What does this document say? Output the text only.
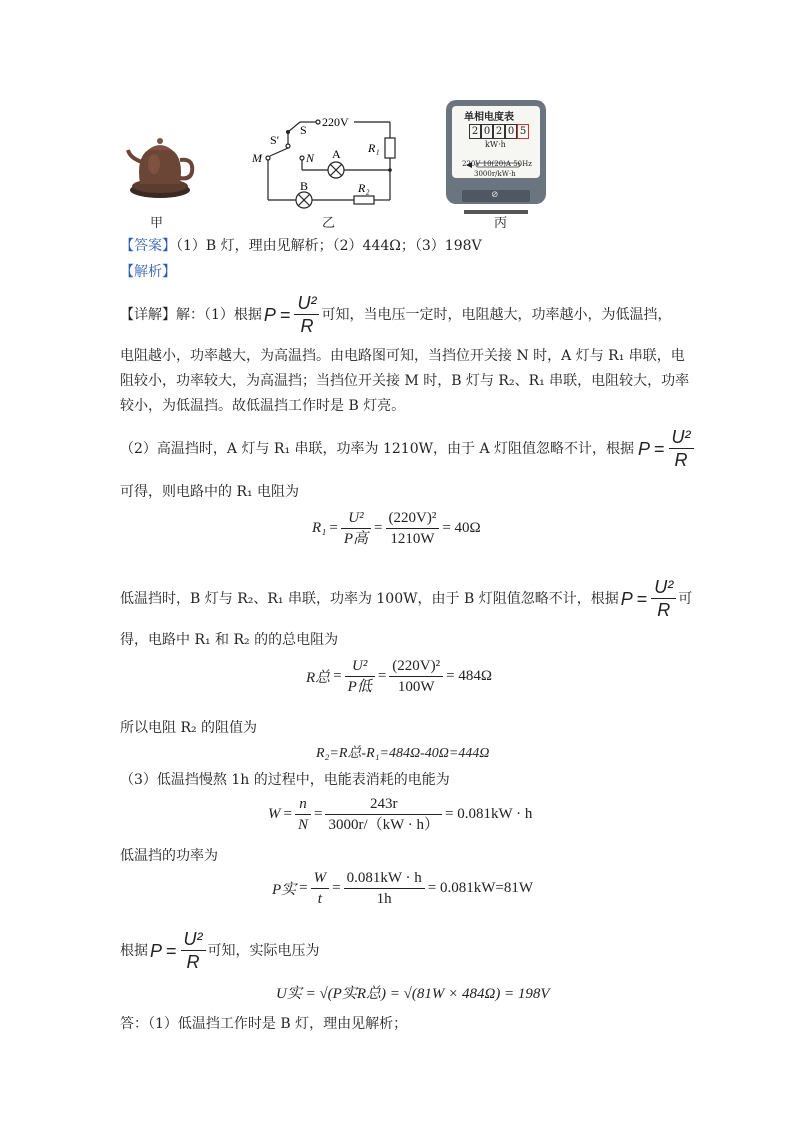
甲
S′
S
220V
M	N A
B
R₁
R₂
乙
单相电度表
2 0 2 0 5
kW·h
220V 10(20)A 50Hz
3000r/kW·h
⊘
丙
【答案】（1）B 灯，理由见解析；（2）444Ω；（3）198V
【解析】
【详解】 解：（1）根据 $P = \frac{\text{U²}}{R}$ 可知，当电压一定时，电阻越大，功率越小，为低温挡，
电阻越小，功率越大，为高温挡。由电路图可知，当挡位开关接 N 时，A 灯与 R₁ 串联，电
阻较小，功率较大，为高温挡；当挡位开关接 M 时，B 灯与 R₂、R₁ 串联，电阻较大，功率
较小，为低温挡。故低温挡工作时是 B 灯亮。
（2）高温挡时，A 灯与 R₁ 串联，功率为 1210W，由于 A 灯阻值忽略不计，根据 $P = \frac{\text{U²}}{R}$
可得，则电路中的 R₁ 电阻为
$R_1 = \frac{\text{U²}}{\text{P高}} = \frac{\text{(220V)²}}{1210W} = 40\Omega$
低温挡时，B 灯与 R₂、R₁ 串联，功率为 100W，由于 B 灯阻值忽略不计，根据 $P = \frac{\text{U²}}{R}$ 可
得，电路中 R₁ 和 R₂ 的的总电阻为
R总 = $\frac{\text{U²}}{\text{P低}} = \frac{\text{(220V)²}}{100W} = 484\Omega$
所以电阻 R₂ 的阻值为
R₂=R总-R₁=484Ω-40Ω=444Ω
（3）低温挡慢熬 1h 的过程中，电能表消耗的电能为
$W = \frac{n}{N} = \frac{243r}{3000r/(kW \cdot h)} = 0.081kW \cdot h$
低温挡的功率为
P实 = $\frac{W}{t} = \frac{0.081kW \cdot h}{1h} = 0.081kW=81W$
根据 $P = \frac{\text{U²}}{R}$ 可知，实际电压为
U实 = √(P实R总) = √(81W × 484Ω) = 198V
答：（1）低温挡工作时是 B 灯，理由见解析；
